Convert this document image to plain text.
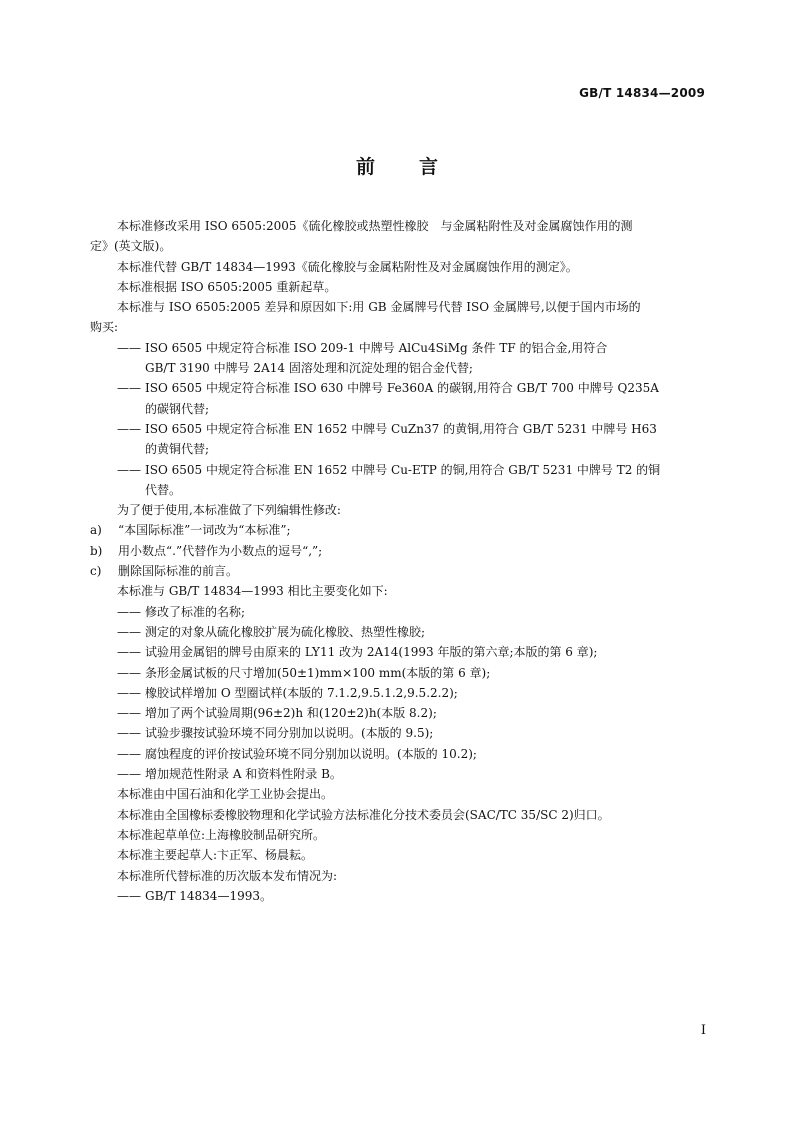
GB/T 14834—2009
前言
本标准修改采用 ISO 6505:2005《硫化橡胶或热塑性橡胶　与金属粘附性及对金属腐蚀作用的测
定》(英文版)。
本标准代替 GB/T 14834—1993《硫化橡胶与金属粘附性及对金属腐蚀作用的测定》。
本标准根据 ISO 6505:2005 重新起草。
本标准与 ISO 6505:2005 差异和原因如下:用 GB 金属牌号代替 ISO 金属牌号,以便于国内市场的
购买:
—— ISO 6505 中规定符合标准 ISO 209-1 中牌号 AlCu4SiMg 条件 TF 的铝合金,用符合
GB/T 3190 中牌号 2A14 固溶处理和沉淀处理的铝合金代替;
—— ISO 6505 中规定符合标准 ISO 630 中牌号 Fe360A 的碳钢,用符合 GB/T 700 中牌号 Q235A
的碳钢代替;
—— ISO 6505 中规定符合标准 EN 1652 中牌号 CuZn37 的黄铜,用符合 GB/T 5231 中牌号 H63
的黄铜代替;
—— ISO 6505 中规定符合标准 EN 1652 中牌号 Cu-ETP 的铜,用符合 GB/T 5231 中牌号 T2 的铜
代替。
为了便于使用,本标准做了下列编辑性修改:
a) “本国际标准”一词改为“本标准”;
b) 用小数点“.”代替作为小数点的逗号“,”;
c) 删除国际标准的前言。
本标准与 GB/T 14834—1993 相比主要变化如下:
—— 修改了标准的名称;
—— 测定的对象从硫化橡胶扩展为硫化橡胶、热塑性橡胶;
—— 试验用金属铝的牌号由原来的 LY11 改为 2A14(1993 年版的第六章;本版的第 6 章);
—— 条形金属试板的尺寸增加(50±1)mm×100 mm(本版的第 6 章);
—— 橡胶试样增加 O 型圈试样(本版的 7.1.2,9.5.1.2,9.5.2.2);
—— 增加了两个试验周期(96±2)h 和(120±2)h(本版 8.2);
—— 试验步骤按试验环境不同分别加以说明。(本版的 9.5);
—— 腐蚀程度的评价按试验环境不同分别加以说明。(本版的 10.2);
—— 增加规范性附录 A 和资料性附录 B。
本标准由中国石油和化学工业协会提出。
本标准由全国橡标委橡胶物理和化学试验方法标准化分技术委员会(SAC/TC 35/SC 2)归口。
本标准起草单位:上海橡胶制品研究所。
本标准主要起草人:卞正军、杨晨耘。
本标准所代替标准的历次版本发布情况为:
—— GB/T 14834—1993。
I
